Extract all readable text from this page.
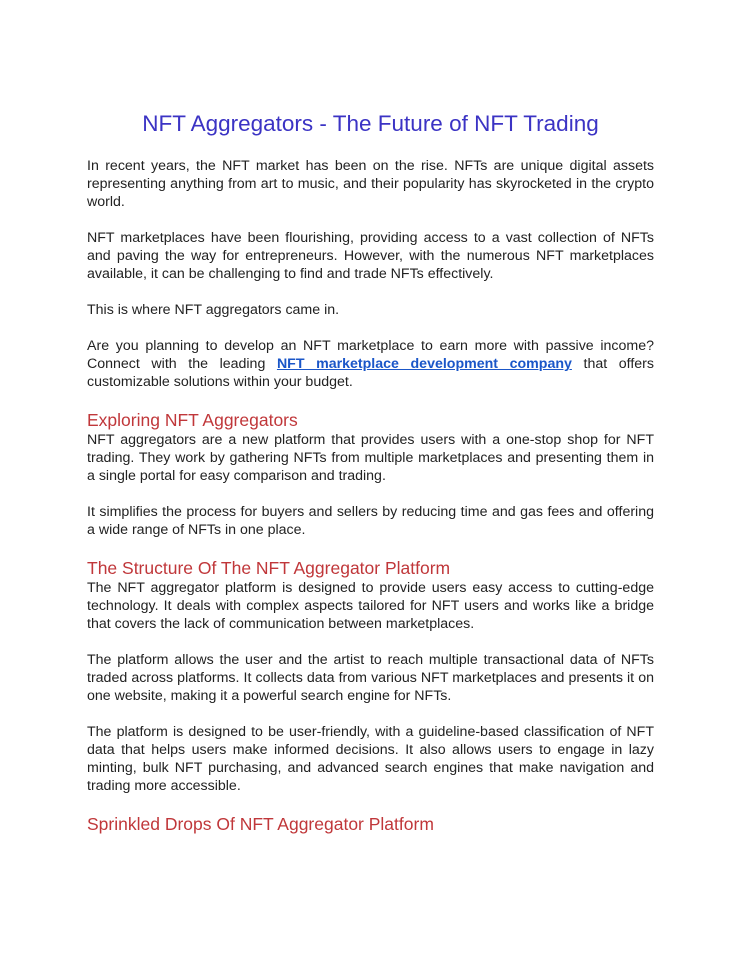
NFT Aggregators - The Future of NFT Trading

In recent years, the NFT market has been on the rise. NFTs are unique digital assets representing anything from art to music, and their popularity has skyrocketed in the crypto world.

NFT marketplaces have been flourishing, providing access to a vast collection of NFTs and paving the way for entrepreneurs. However, with the numerous NFT marketplaces available, it can be challenging to find and trade NFTs effectively.

This is where NFT aggregators came in.

Are you planning to develop an NFT marketplace to earn more with passive income? Connect with the leading NFT marketplace development company that offers customizable solutions within your budget.

Exploring NFT Aggregators

NFT aggregators are a new platform that provides users with a one-stop shop for NFT trading. They work by gathering NFTs from multiple marketplaces and presenting them in a single portal for easy comparison and trading.

It simplifies the process for buyers and sellers by reducing time and gas fees and offering a wide range of NFTs in one place.

The Structure Of The NFT Aggregator Platform

The NFT aggregator platform is designed to provide users easy access to cutting-edge technology. It deals with complex aspects tailored for NFT users and works like a bridge that covers the lack of communication between marketplaces.

The platform allows the user and the artist to reach multiple transactional data of NFTs traded across platforms. It collects data from various NFT marketplaces and presents it on one website, making it a powerful search engine for NFTs.

The platform is designed to be user-friendly, with a guideline-based classification of NFT data that helps users make informed decisions. It also allows users to engage in lazy minting, bulk NFT purchasing, and advanced search engines that make navigation and trading more accessible.

Sprinkled Drops Of NFT Aggregator Platform
